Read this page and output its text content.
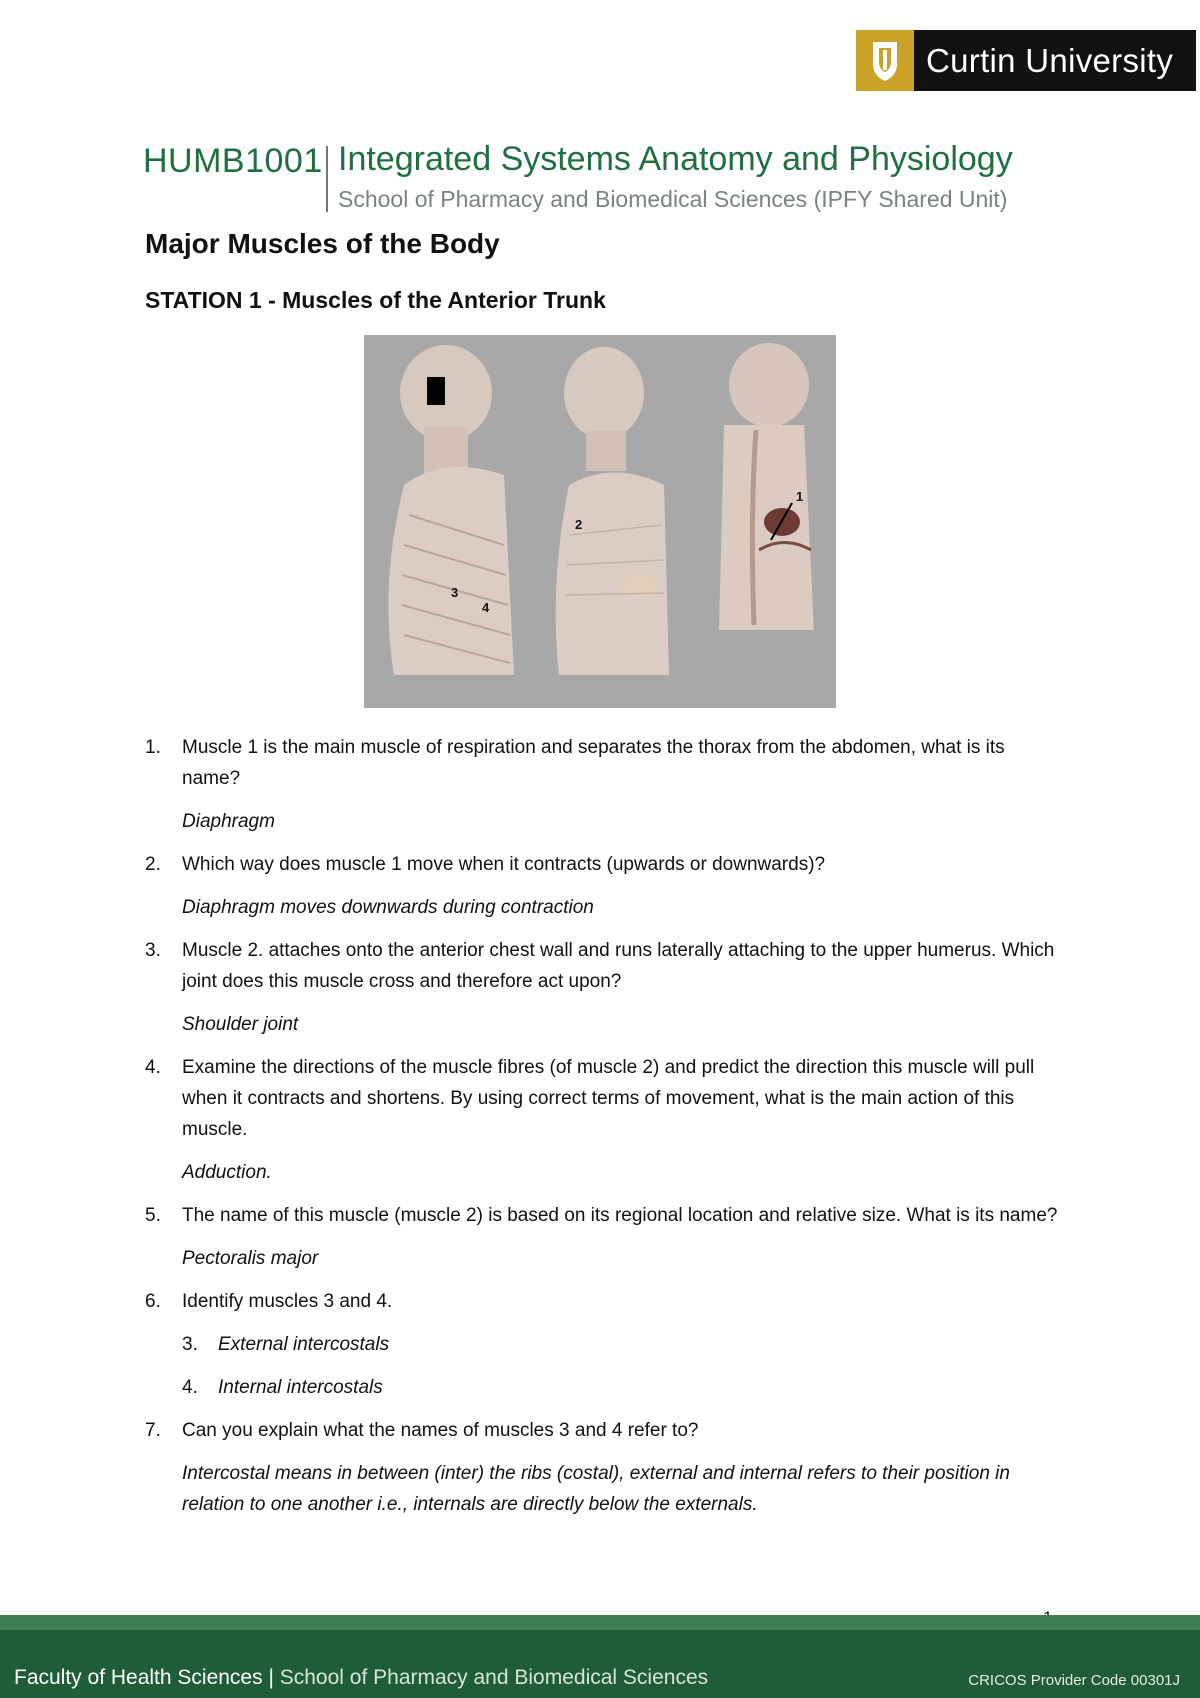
Curtin University
HUMB1001 Integrated Systems Anatomy and Physiology
School of Pharmacy and Biomedical Sciences (IPFY Shared Unit)
Major Muscles of the Body
STATION 1 - Muscles of the Anterior Trunk
1
2
3
4
1.	Muscle 1 is the main muscle of respiration and separates the thorax from the abdomen, what is its name?
Diaphragm
2.	Which way does muscle 1 move when it contracts (upwards or downwards)?
Diaphragm moves downwards during contraction
3.	Muscle 2. attaches onto the anterior chest wall and runs laterally attaching to the upper humerus. Which joint does this muscle cross and therefore act upon?
Shoulder joint
4.	Examine the directions of the muscle fibres (of muscle 2) and predict the direction this muscle will pull when it contracts and shortens. By using correct terms of movement, what is the main action of this muscle.
Adduction.
5.	The name of this muscle (muscle 2) is based on its regional location and relative size. What is its name?
Pectoralis major
6.	Identify muscles 3 and 4.
3.	External intercostals
4.	Internal intercostals
7.	Can you explain what the names of muscles 3 and 4 refer to?
Intercostal means in between (inter) the ribs (costal), external and internal refers to their position in relation to one another i.e., internals are directly below the externals.
Faculty of Health Sciences | School of Pharmacy and Biomedical Sciences	CRICOS Provider Code 00301J
